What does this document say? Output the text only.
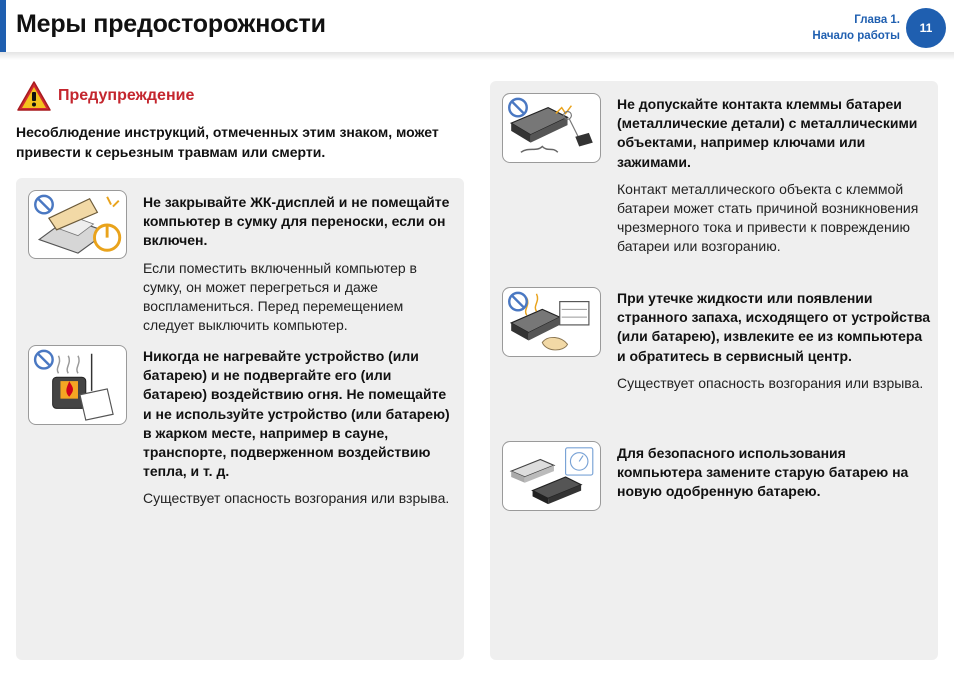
Меры предосторожности	Глава 1.
Начало работы
11
Предупреждение

Несоблюдение инструкций, отмеченных этим знаком, может привести к серьезным травмам или смерти.

Не закрывайте ЖК-дисплей и не помещайте компьютер в сумку для переноски, если он включен.
Если поместить включенный компьютер в сумку, он может перегреться и даже воспламениться. Перед перемещением следует выключить компьютер.
Никогда не нагревайте устройство (или батарею) и не подвергайте его (или батарею) воздействию огня. Не помещайте и не используйте устройство (или батарею) в жарком месте, например в сауне, транспорте, подверженном воздействию тепла, и т. д.
Существует опасность возгорания или взрыва.
Не допускайте контакта клеммы батареи (металлические детали) с металлическими объектами, например ключами или зажимами.
Контакт металлического объекта с клеммой батареи может стать причиной возникновения чрезмерного тока и привести к повреждению батареи или возгоранию.
При утечке жидкости или появлении странного запаха, исходящего от устройства (или батарею), извлеките ее из компьютера и обратитесь в сервисный центр.
Существует опасность возгорания или взрыва.
Для безопасного использования компьютера замените старую батарею на новую одобренную батарею.
